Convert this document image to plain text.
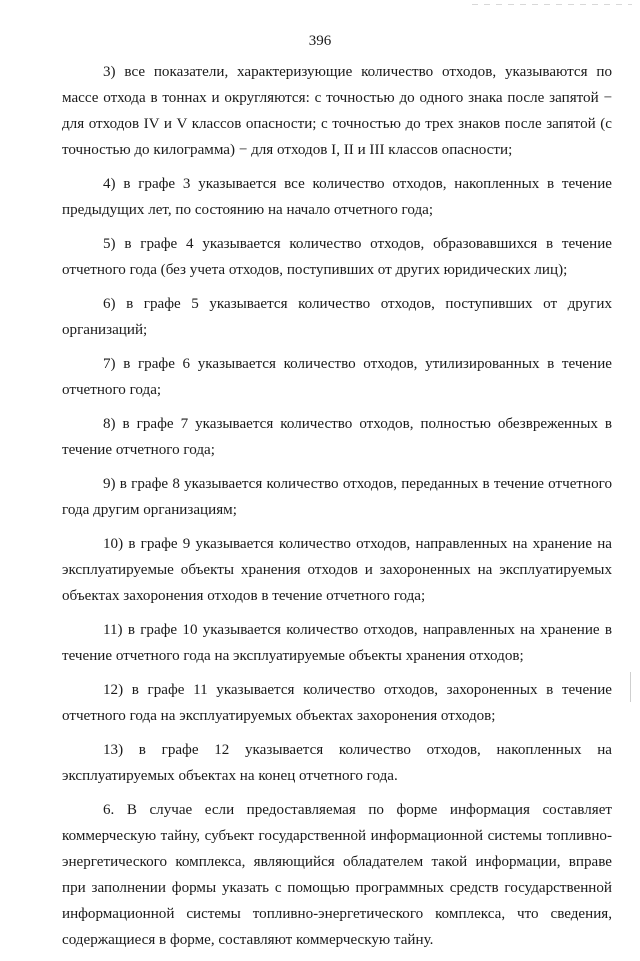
396

3) все показатели, характеризующие количество отходов, указываются по массе отхода в тоннах и округляются: с точностью до одного знака после запятой − для отходов IV и V классов опасности; с точностью до трех знаков после запятой (с точностью до килограмма) − для отходов I, II и III классов опасности;

4) в графе 3 указывается все количество отходов, накопленных в течение предыдущих лет, по состоянию на начало отчетного года;

5) в графе 4 указывается количество отходов, образовавшихся в течение отчетного года (без учета отходов, поступивших от других юридических лиц);

6) в графе 5 указывается количество отходов, поступивших от других организаций;

7) в графе 6 указывается количество отходов, утилизированных в течение отчетного года;

8) в графе 7 указывается количество отходов, полностью обезвреженных в течение отчетного года;

9) в графе 8 указывается количество отходов, переданных в течение отчетного года другим организациям;

10) в графе 9 указывается количество отходов, направленных на хранение на эксплуатируемые объекты хранения отходов и захороненных на эксплуатируемых объектах захоронения отходов в течение отчетного года;

11) в графе 10 указывается количество отходов, направленных на хранение в течение отчетного года на эксплуатируемые объекты хранения отходов;

12) в графе 11 указывается количество отходов, захороненных в течение отчетного года на эксплуатируемых объектах захоронения отходов;

13) в графе 12 указывается количество отходов, накопленных на эксплуатируемых объектах на конец отчетного года.

6. В случае если предоставляемая по форме информация составляет коммерческую тайну, субъект государственной информационной системы топливно-энергетического комплекса, являющийся обладателем такой информации, вправе при заполнении формы указать с помощью программных средств государственной информационной системы топливно-энергетического комплекса, что сведения, содержащиеся в форме, составляют коммерческую тайну.
